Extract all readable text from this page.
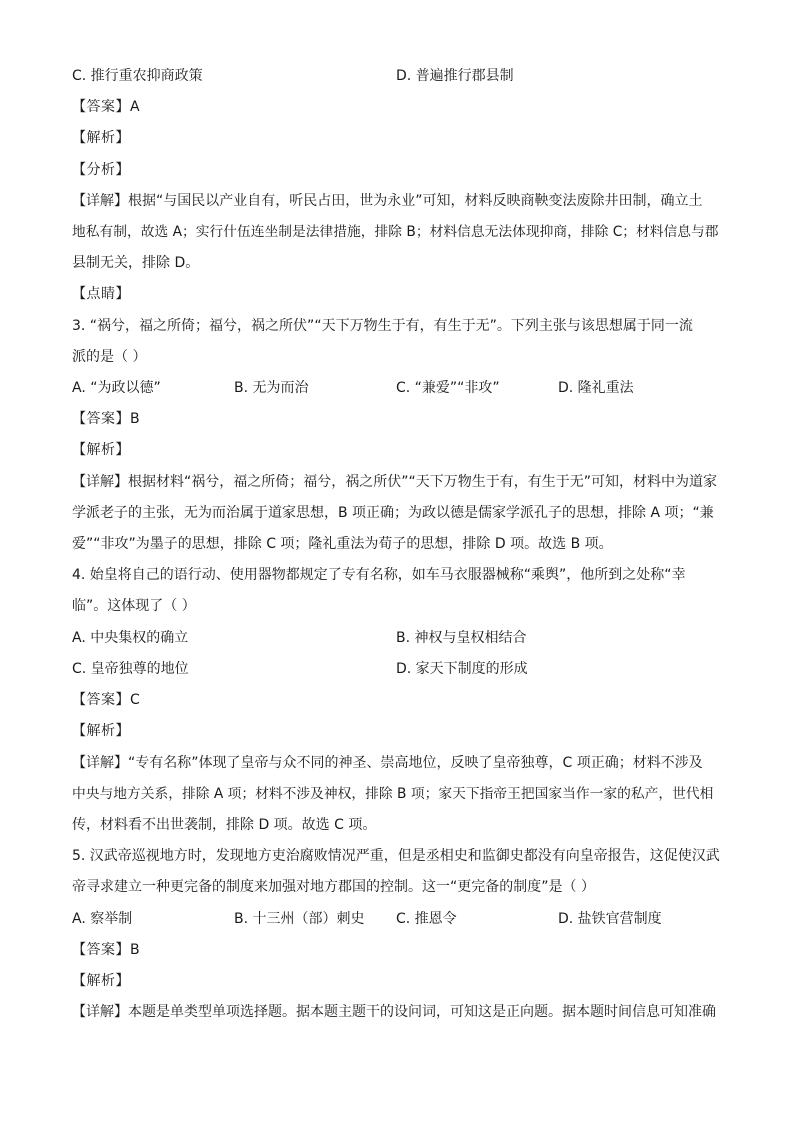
C. 推行重农抑商政策	D. 普遍推行郡县制
【答案】A
【解析】
【分析】
【详解】根据“与国民以产业自有，听民占田，世为永业”可知，材料反映商鞅变法废除井田制，确立土
地私有制，故选 A；实行什伍连坐制是法律措施，排除 B；材料信息无法体现抑商，排除 C；材料信息与郡
县制无关，排除 D。
【点睛】
3. “祸兮，福之所倚；福兮，祸之所伏”“天下万物生于有，有生于无”。下列主张与该思想属于同一流
派的是（ ）
A. “为政以德”	B. 无为而治	C. “兼爱”“非攻”	D. 隆礼重法
【答案】B
【解析】
【详解】根据材料“祸兮，福之所倚；福兮，祸之所伏”“天下万物生于有，有生于无”可知，材料中为道家
学派老子的主张，无为而治属于道家思想，B 项正确；为政以德是儒家学派孔子的思想，排除 A 项；“兼
爱”“非攻”为墨子的思想，排除 C 项；隆礼重法为荀子的思想，排除 D 项。故选 B 项。
4. 始皇将自己的语行动、使用器物都规定了专有名称，如车马衣服器械称“乘舆”，他所到之处称“幸
临”。这体现了（ ）
A. 中央集权的确立	B. 神权与皇权相结合
C. 皇帝独尊的地位	D. 家天下制度的形成
【答案】C
【解析】
【详解】“专有名称”体现了皇帝与众不同的神圣、崇高地位，反映了皇帝独尊，C 项正确；材料不涉及
中央与地方关系，排除 A 项；材料不涉及神权，排除 B 项；家天下指帝王把国家当作一家的私产，世代相
传，材料看不出世袭制，排除 D 项。故选 C 项。
5. 汉武帝巡视地方时，发现地方吏治腐败情况严重，但是丞相史和监御史都没有向皇帝报告，这促使汉武
帝寻求建立一种更完备的制度来加强对地方郡国的控制。这一“更完备的制度”是（ ）
A. 察举制	B. 十三州（部）刺史 C. 推恩令	D. 盐铁官营制度
【答案】B
【解析】
【详解】本题是单类型单项选择题。据本题主题干的设问词，可知这是正向题。据本题时间信息可知准确
